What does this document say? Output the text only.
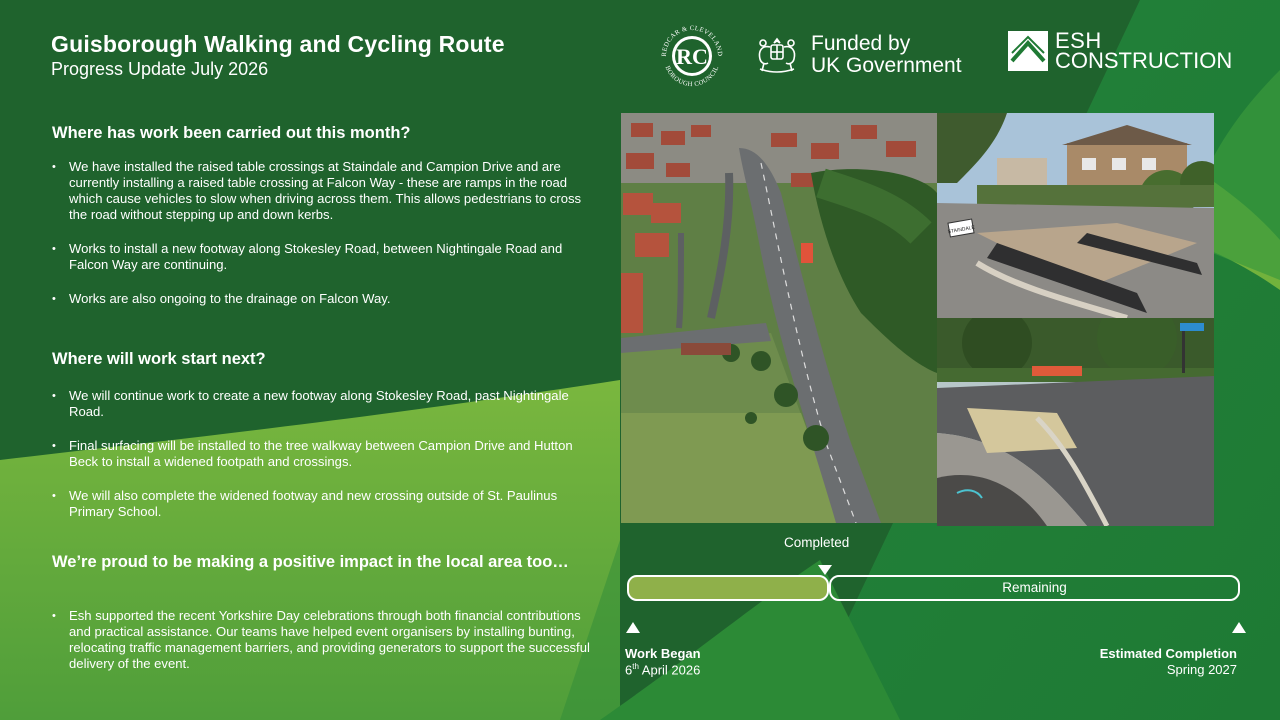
Guisborough Walking and Cycling Route
Progress Update July 2026	RC
REDCAR & CLEVELAND
BOROUGH COUNCIL
Funded by
UK Government
ESH
CONSTRUCTION
Where has work been carried out this month?
• We have installed the raised table crossings at Staindale and Campion Drive and are currently installing a raised table crossing at Falcon Way - these are ramps in the road which cause vehicles to slow when driving across them. This allows pedestrians to cross the road without stepping up and down kerbs.
• Works to install a new footway along Stokesley Road, between Nightingale Road and Falcon Way are continuing.
• Works are also ongoing to the drainage on Falcon Way.
Where will work start next?
• We will continue work to create a new footway along Stokesley Road, past Nightingale Road.
• Final surfacing will be installed to the tree walkway between Campion Drive and Hutton Beck to install a widened footpath and crossings.
• We will also complete the widened footway and new crossing outside of St. Paulinus Primary School.
We’re proud to be making a positive impact in the local area too…
• Esh supported the recent Yorkshire Day celebrations through both financial contributions and practical assistance. Our teams have helped event organisers by installing bunting, relocating traffic management barriers, and providing generators to support the successful delivery of the event.
STAINDALE
Completed
Remaining
Work Began
6th April 2026
Estimated Completion
Spring 2027
